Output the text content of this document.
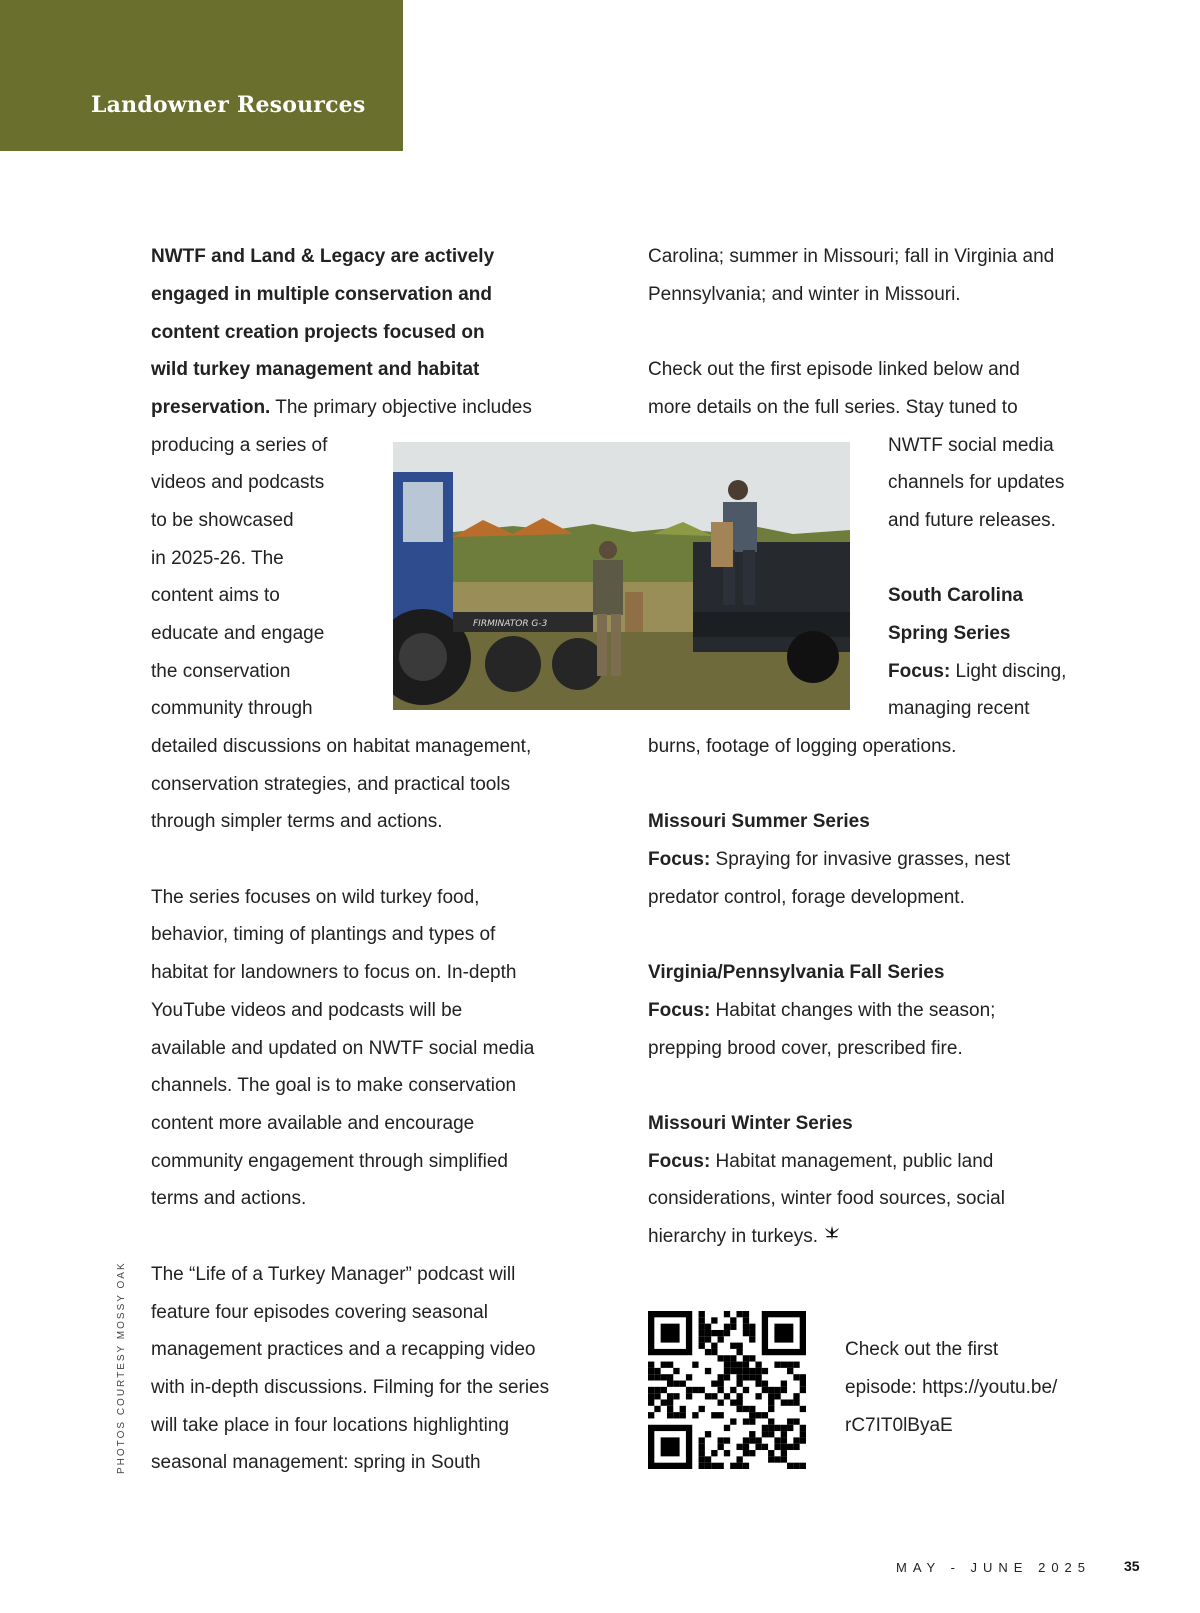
Landowner Resources

NWTF and Land & Legacy are actively

engaged in multiple conservation and

content creation projects focused on

wild turkey management and habitat

preservation. The primary objective includes

producing a series of

videos and podcasts

to be showcased

in 2025-26. The

content aims to

educate and engage

the conservation

community through

detailed discussions on habitat management,

conservation strategies, and practical tools

through simpler terms and actions.

The series focuses on wild turkey food,

behavior, timing of plantings and types of

habitat for landowners to focus on. In-depth

YouTube videos and podcasts will be

available and updated on NWTF social media

channels. The goal is to make conservation

content more available and encourage

community engagement through simplified

terms and actions.

The “Life of a Turkey Manager” podcast will

feature four episodes covering seasonal

management practices and a recapping video

with in-depth discussions. Filming for the series

will take place in four locations highlighting

seasonal management: spring in South

Carolina; summer in Missouri; fall in Virginia and

Pennsylvania; and winter in Missouri.

Check out the first episode linked below and

more details on the full series. Stay tuned to

NWTF social media

channels for updates

and future releases.

South Carolina

Spring Series

Focus: Light discing,

managing recent

burns, footage of logging operations.

Missouri Summer Series

Focus: Spraying for invasive grasses, nest

predator control, forage development.

Virginia/Pennsylvania Fall Series

Focus: Habitat changes with the season;

prepping brood cover, prescribed fire.

Missouri Winter Series

Focus: Habitat management, public land

considerations, winter food sources, social

hierarchy in turkeys.

FIRMINATOR G-3
PHOTOS COURTESY MOSSY OAK	Check out the first

episode: https://youtu.be/

rC7IT0lByaE

MAY - JUNE 2025 35
